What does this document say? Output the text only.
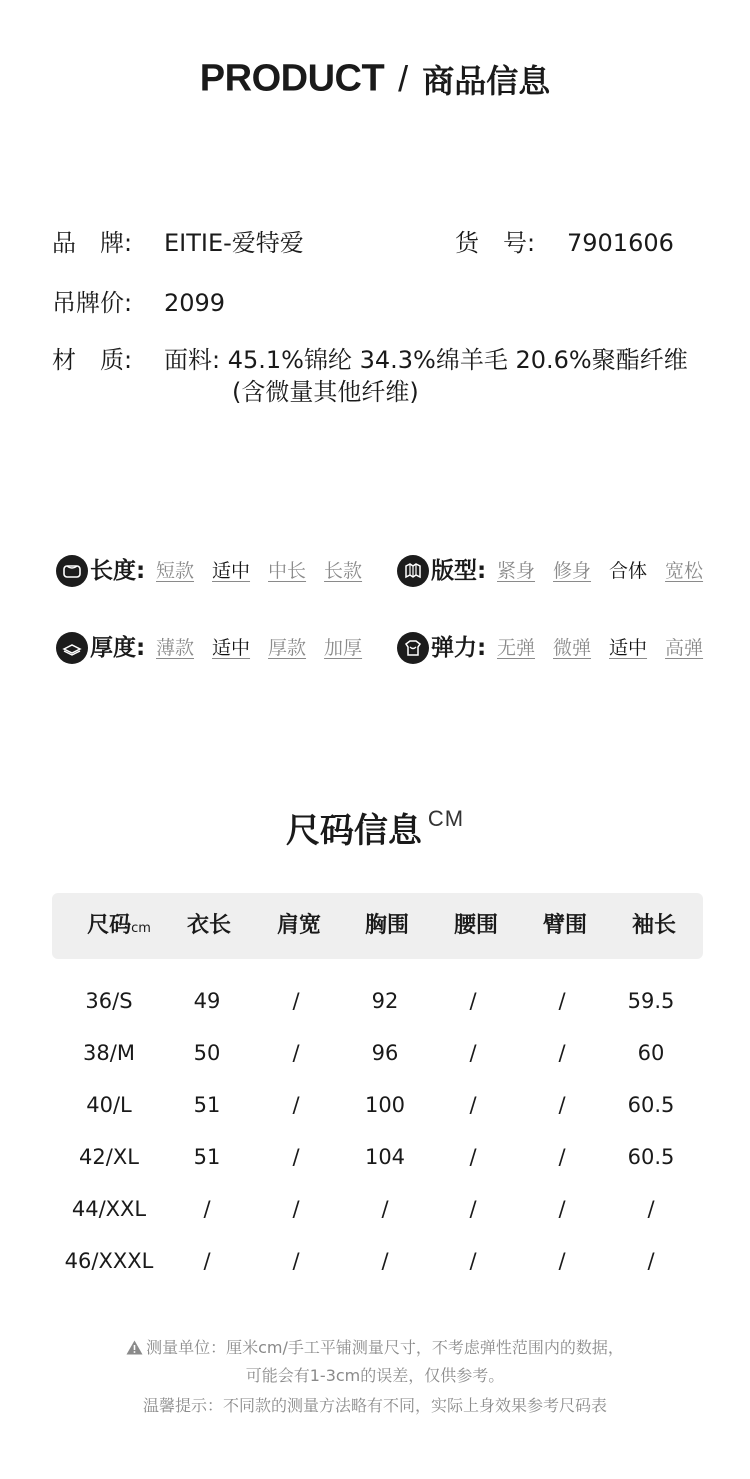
PRODUCT / 商品信息
品　牌: EITIE-爱特爱	货　号: 7901606
吊牌价: 2099
材　质: 面料: 45.1%锦纶 34.3%绵羊毛 20.6%聚酯纤维
(含微量其他纤维)
长度: 短款 适中 中长 长款	版型: 紧身 修身 合体 宽松
厚度: 薄款 适中 厚款 加厚	弹力: 无弹 微弹 适中 高弹
尺码信息 CM
尺码cm	衣长	肩宽	胸围	腰围	臂围	袖长
36/S	49	/	92	/	/	59.5
38/M	50	/	96	/	/	60
40/L	51	/	100	/	/	60.5
42/XL	51	/	104	/	/	60.5
44/XXL	/	/	/	/	/	/
46/XXXL	/	/	/	/	/	/
测量单位：厘米cm/手工平铺测量尺寸，不考虑弹性范围内的数据，
可能会有1-3cm的误差，仅供参考。
温馨提示：不同款的测量方法略有不同，实际上身效果参考尺码表
